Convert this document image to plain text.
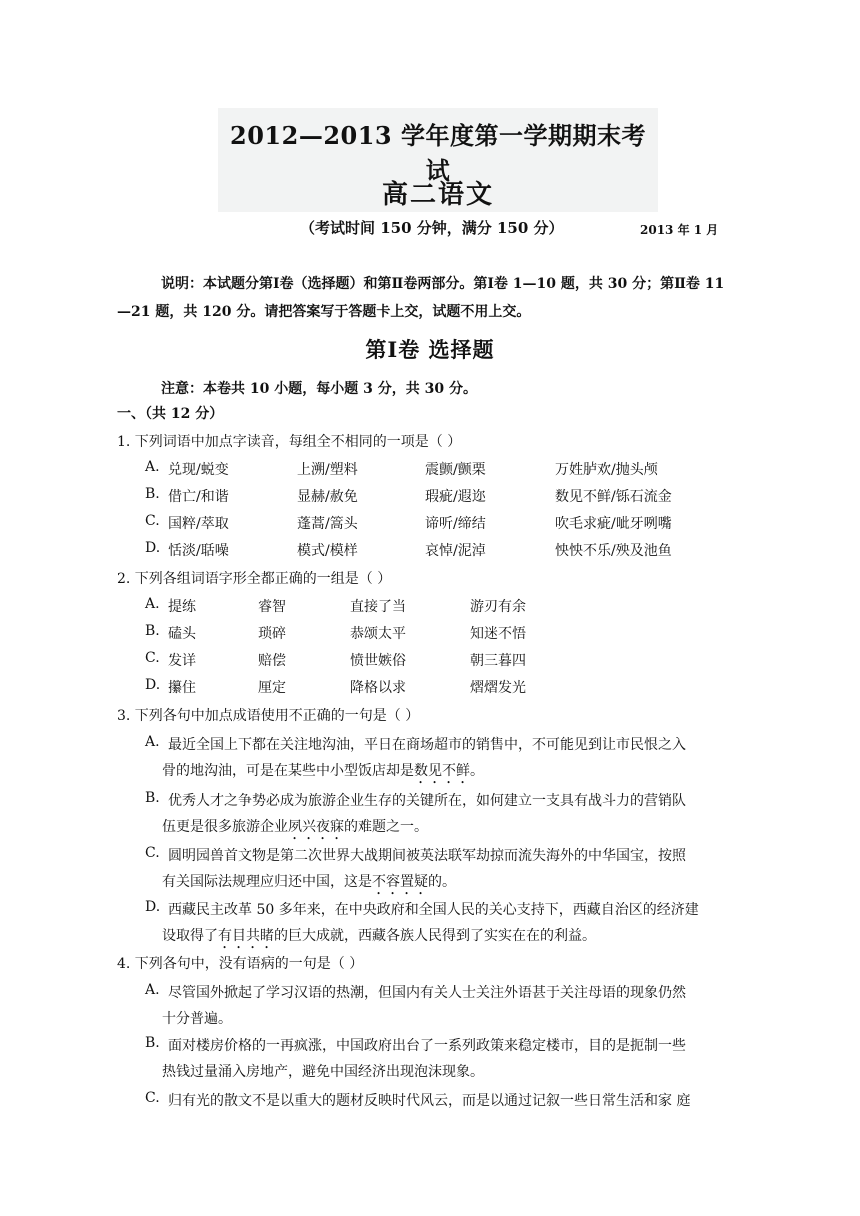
2012—2013 学年度第一学期期末考试
高二语文
（考试时间 150 分钟，满分 150 分）	2013 年 1 月
说明：本试题分第Ⅰ卷（选择题）和第Ⅱ卷两部分。第Ⅰ卷 1—10 题，共 30 分；第Ⅱ卷 11—21 题，共 120 分。请把答案写于答题卡上交，试题不用上交。
第Ⅰ卷 选择题
注意：本卷共 10 小题，每小题 3 分，共 30 分。
一、（共 12 分）
1. 下列词语中加点字读音，每组全不相同的一项是（ ）
A. 兑现/蜕变	上溯/塑料	震颤/颤栗	万姓胪欢/抛头颅
B. 借亡/和谐	显赫/赦免	瑕疵/遐迩	数见不鲜/铄石流金
C. 国粹/萃取	蓬蒿/篙头	谛听/缔结	吹毛求疵/呲牙咧嘴
D. 恬淡/聒噪	模式/模样	哀悼/泥淖	怏怏不乐/殃及池鱼
2. 下列各组词语字形全都正确的一组是（ ）
A. 提练	睿智	直接了当	游刃有余
B. 磕头	琐碎	恭颂太平	知迷不悟
C. 发详	赔偿	愤世嫉俗	朝三暮四
D. 攥住	厘定	降格以求	熠熠发光
3. 下列各句中加点成语使用不正确的一句是（ ）
A. 最近全国上下都在关注地沟油，平日在商场超市的销售中，不可能见到让市民恨之入
骨的地沟油，可是在某些中小型饭店却是数见不鲜。
B. 优秀人才之争势必成为旅游企业生存的关键所在，如何建立一支具有战斗力的营销队
伍更是很多旅游企业夙兴夜寐的难题之一。
C. 圆明园兽首文物是第二次世界大战期间被英法联军劫掠而流失海外的中华国宝，按照
有关国际法规理应归还中国，这是不容置疑的。
D. 西藏民主改革 50 多年来，在中央政府和全国人民的关心支持下，西藏自治区的经济建
设取得了有目共睹的巨大成就，西藏各族人民得到了实实在在的利益。
4. 下列各句中，没有语病的一句是（ ）
A. 尽管国外掀起了学习汉语的热潮，但国内有关人士关注外语甚于关注母语的现象仍然
十分普遍。
B. 面对楼房价格的一再疯涨，中国政府出台了一系列政策来稳定楼市，目的是扼制一些
热钱过量涌入房地产，避免中国经济出现泡沫现象。
C. 归有光的散文不是以重大的题材反映时代风云，而是以通过记叙一些日常生活和家 庭
